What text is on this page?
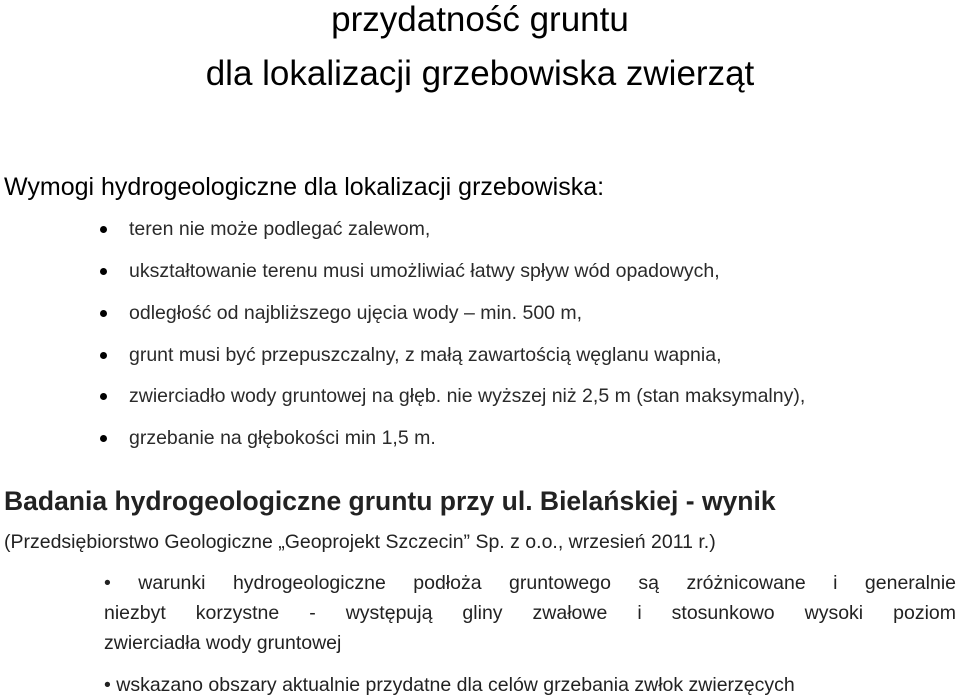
przydatność gruntu
dla lokalizacji grzebowiska zwierząt
Wymogi hydrogeologiczne dla lokalizacji grzebowiska:
teren nie może podlegać zalewom,
ukształtowanie terenu musi umożliwiać łatwy spływ wód opadowych,
odległość od najbliższego ujęcia wody – min. 500 m,
grunt musi być przepuszczalny, z małą zawartością węglanu wapnia,
zwierciadło wody gruntowej na głęb. nie wyższej niż 2,5 m (stan maksymalny),
grzebanie na głębokości min 1,5 m.
Badania hydrogeologiczne gruntu przy ul. Bielańskiej - wynik

(Przedsiębiorstwo Geologiczne „Geoprojekt Szczecin” Sp. z o.o., wrzesień 2011 r.)

• warunki hydrogeologiczne podłoża gruntowego są zróżnicowane i generalnie
niezbyt korzystne - występują gliny zwałowe i stosunkowo wysoki poziom
zwierciadła wody gruntowej
• wskazano obszary aktualnie przydatne dla celów grzebania zwłok zwierzęcych
